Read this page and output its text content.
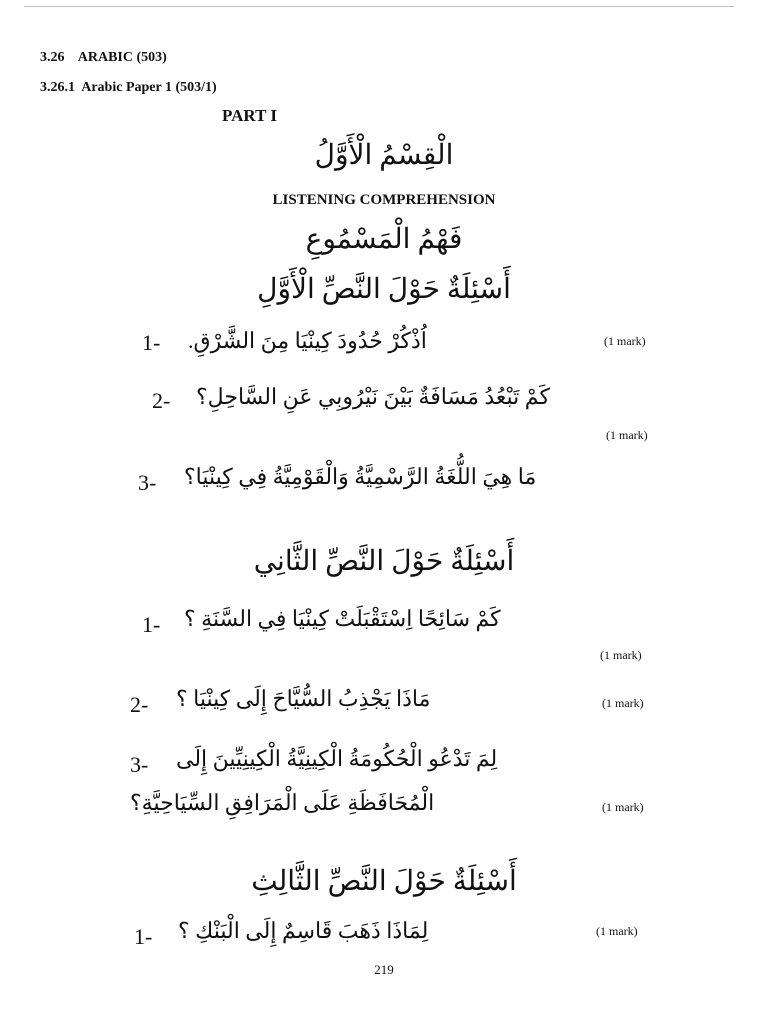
3.26 ARABIC (503)
3.26.1 Arabic Paper 1 (503/1)
PART I
الْقِسْمُ الْأَوَّلُ
LISTENING COMPREHENSION
فَهْمُ الْمَسْمُوعِ
أَسْئِلَةٌ حَوْلَ النَّصِّ الْأَوَّلِ
1- اُذْكُرْ حُدُودَ كِينْيَا مِنَ الشَّرْقِ.	(1 mark)
2- كَمْ تَبْعُدُ مَسَافَةٌ بَيْنَ نَيْرُوبِي عَنِ السَّاحِلِ؟
(1 mark)
3- مَا هِيَ اللُّغَةُ الرَّسْمِيَّةُ وَالْقَوْمِيَّةُ فِي كِينْيَا؟
أَسْئِلَةٌ حَوْلَ النَّصِّ الثَّانِي
1- كَمْ سَائِحًا اِسْتَقْبَلَتْ كِينْيَا فِي السَّنَةِ ؟
(1 mark)
2- مَاذَا يَجْذِبُ السُّيَّاحَ إِلَى كِينْيَا ؟	(1 mark)
3- لِمَ تَدْعُو الْحُكُومَةُ الْكِينِيَّةُ الْكِينِيِّينَ إِلَى
الْمُحَافَظَةِ عَلَى الْمَرَافِقِ السِّيَاحِيَّةِ؟	(1 mark)
أَسْئِلَةٌ حَوْلَ النَّصِّ الثَّالِثِ
1- لِمَاذَا ذَهَبَ قَاسِمٌ إِلَى الْبَنْكِ ؟	(1 mark)
219
